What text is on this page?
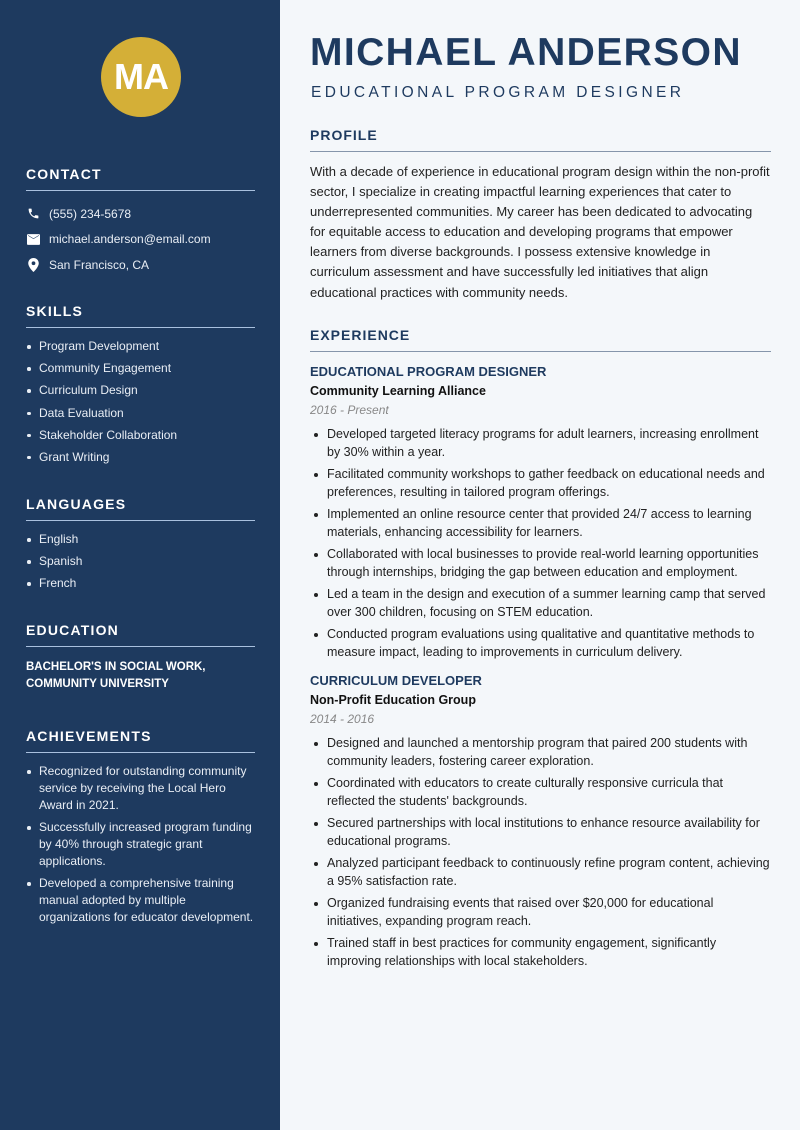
MA
CONTACT
(555) 234-5678
michael.anderson@email.com
San Francisco, CA
SKILLS
Program Development
Community Engagement
Curriculum Design
Data Evaluation
Stakeholder Collaboration
Grant Writing
LANGUAGES
English
Spanish
French
EDUCATION
BACHELOR'S IN SOCIAL WORK,
COMMUNITY UNIVERSITY
ACHIEVEMENTS
Recognized for outstanding community service by receiving the Local Hero Award in 2021.
Successfully increased program funding by 40% through strategic grant applications.
Developed a comprehensive training manual adopted by multiple organizations for educator development.
MICHAEL ANDERSON
EDUCATIONAL PROGRAM DESIGNER
PROFILE

With a decade of experience in educational program design within the non-profit sector, I specialize in creating impactful learning experiences that cater to underrepresented communities. My career has been dedicated to advocating for equitable access to education and developing programs that empower learners from diverse backgrounds. I possess extensive knowledge in curriculum assessment and have successfully led initiatives that align educational practices with community needs.

EXPERIENCE
EDUCATIONAL PROGRAM DESIGNER
Community Learning Alliance
2016 - Present
Developed targeted literacy programs for adult learners, increasing enrollment by 30% within a year.
Facilitated community workshops to gather feedback on educational needs and preferences, resulting in tailored program offerings.
Implemented an online resource center that provided 24/7 access to learning materials, enhancing accessibility for learners.
Collaborated with local businesses to provide real-world learning opportunities through internships, bridging the gap between education and employment.
Led a team in the design and execution of a summer learning camp that served over 300 children, focusing on STEM education.
Conducted program evaluations using qualitative and quantitative methods to measure impact, leading to improvements in curriculum delivery.
CURRICULUM DEVELOPER
Non-Profit Education Group
2014 - 2016
Designed and launched a mentorship program that paired 200 students with community leaders, fostering career exploration.
Coordinated with educators to create culturally responsive curricula that reflected the students' backgrounds.
Secured partnerships with local institutions to enhance resource availability for educational programs.
Analyzed participant feedback to continuously refine program content, achieving a 95% satisfaction rate.
Organized fundraising events that raised over $20,000 for educational initiatives, expanding program reach.
Trained staff in best practices for community engagement, significantly improving relationships with local stakeholders.
